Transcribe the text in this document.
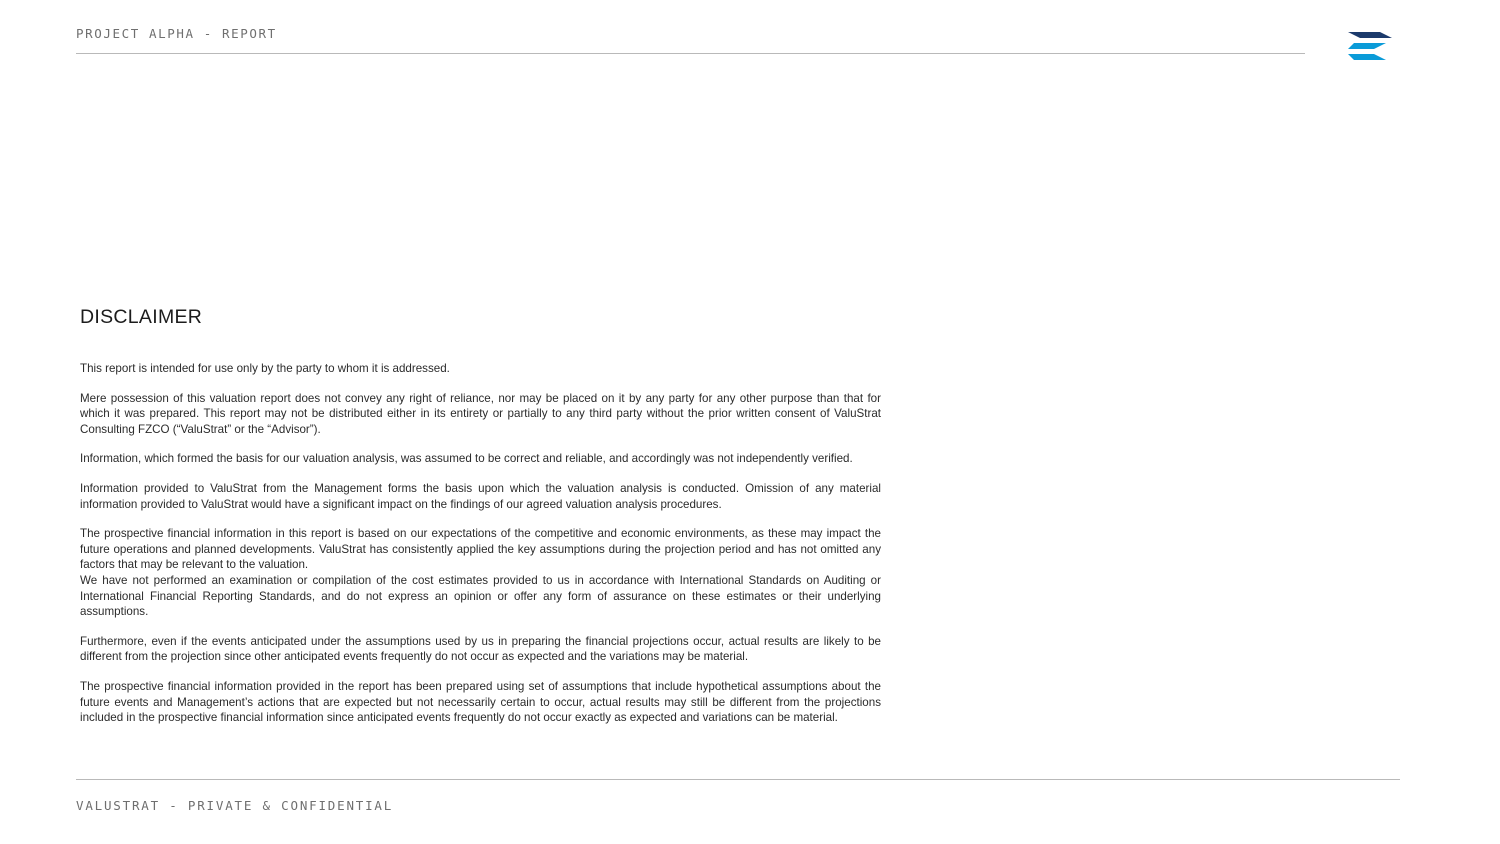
PROJECT ALPHA - REPORT
DISCLAIMER

This report is intended for use only by the party to whom it is addressed.

Mere possession of this valuation report does not convey any right of reliance, nor may be placed on it by any party for any other purpose than that for which it was prepared. This report may not be distributed either in its entirety or partially to any third party without the prior written consent of ValuStrat Consulting FZCO (“ValuStrat” or the “Advisor”).

Information, which formed the basis for our valuation analysis, was assumed to be correct and reliable, and accordingly was not independently verified.

Information provided to ValuStrat from the Management forms the basis upon which the valuation analysis is conducted. Omission of any material information provided to ValuStrat would have a significant impact on the findings of our agreed valuation analysis procedures.

The prospective financial information in this report is based on our expectations of the competitive and economic environments, as these may impact the future operations and planned developments. ValuStrat has consistently applied the key assumptions during the projection period and has not omitted any factors that may be relevant to the valuation.

We have not performed an examination or compilation of the cost estimates provided to us in accordance with International Standards on Auditing or International Financial Reporting Standards, and do not express an opinion or offer any form of assurance on these estimates or their underlying assumptions.

Furthermore, even if the events anticipated under the assumptions used by us in preparing the financial projections occur, actual results are likely to be different from the projection since other anticipated events frequently do not occur as expected and the variations may be material.

The prospective financial information provided in the report has been prepared using set of assumptions that include hypothetical assumptions about the future events and Management’s actions that are expected but not necessarily certain to occur, actual results may still be different from the projections included in the prospective financial information since anticipated events frequently do not occur exactly as expected and variations can be material.

VALUSTRAT - PRIVATE & CONFIDENTIAL
